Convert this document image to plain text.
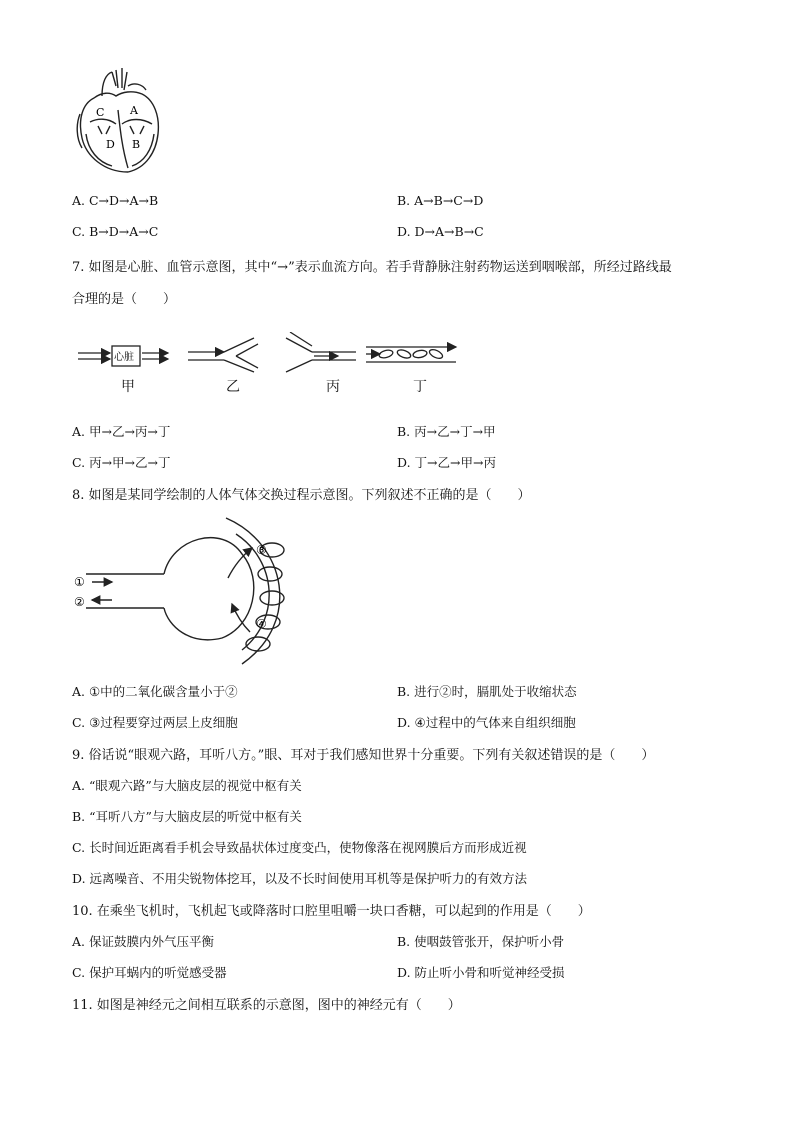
C A
D B
A. C→D→A→B	B. A→B→C→D
C. B→D→A→C	D. D→A→B→C
7. 如图是心脏、血管示意图，其中“→”表示血流方向。若手背静脉注射药物运送到咽喉部，所经过路线最
合理的是（　　）
心脏
甲	乙	丙	丁
A. 甲→乙→丙→丁	B. 丙→乙→丁→甲
C. 丙→甲→乙→丁	D. 丁→乙→甲→丙
8. 如图是某同学绘制的人体气体交换过程示意图。下列叙述不正确的是（　　）
①
②
③
④
A. ①中的二氧化碳含量小于②	B. 进行②时，膈肌处于收缩状态
C. ③过程要穿过两层上皮细胞	D. ④过程中的气体来自组织细胞
9. 俗话说“眼观六路，耳听八方。”眼、耳对于我们感知世界十分重要。下列有关叙述错误的是（　　）
A. “眼观六路”与大脑皮层的视觉中枢有关
B. “耳听八方”与大脑皮层的听觉中枢有关
C. 长时间近距离看手机会导致晶状体过度变凸，使物像落在视网膜后方而形成近视
D. 远离噪音、不用尖锐物体挖耳，以及不长时间使用耳机等是保护听力的有效方法
10. 在乘坐飞机时，飞机起飞或降落时口腔里咀嚼一块口香糖，可以起到的作用是（　　）
A. 保证鼓膜内外气压平衡	B. 使咽鼓管张开，保护听小骨
C. 保护耳蜗内的听觉感受器	D. 防止听小骨和听觉神经受损
11. 如图是神经元之间相互联系的示意图，图中的神经元有（　　）
